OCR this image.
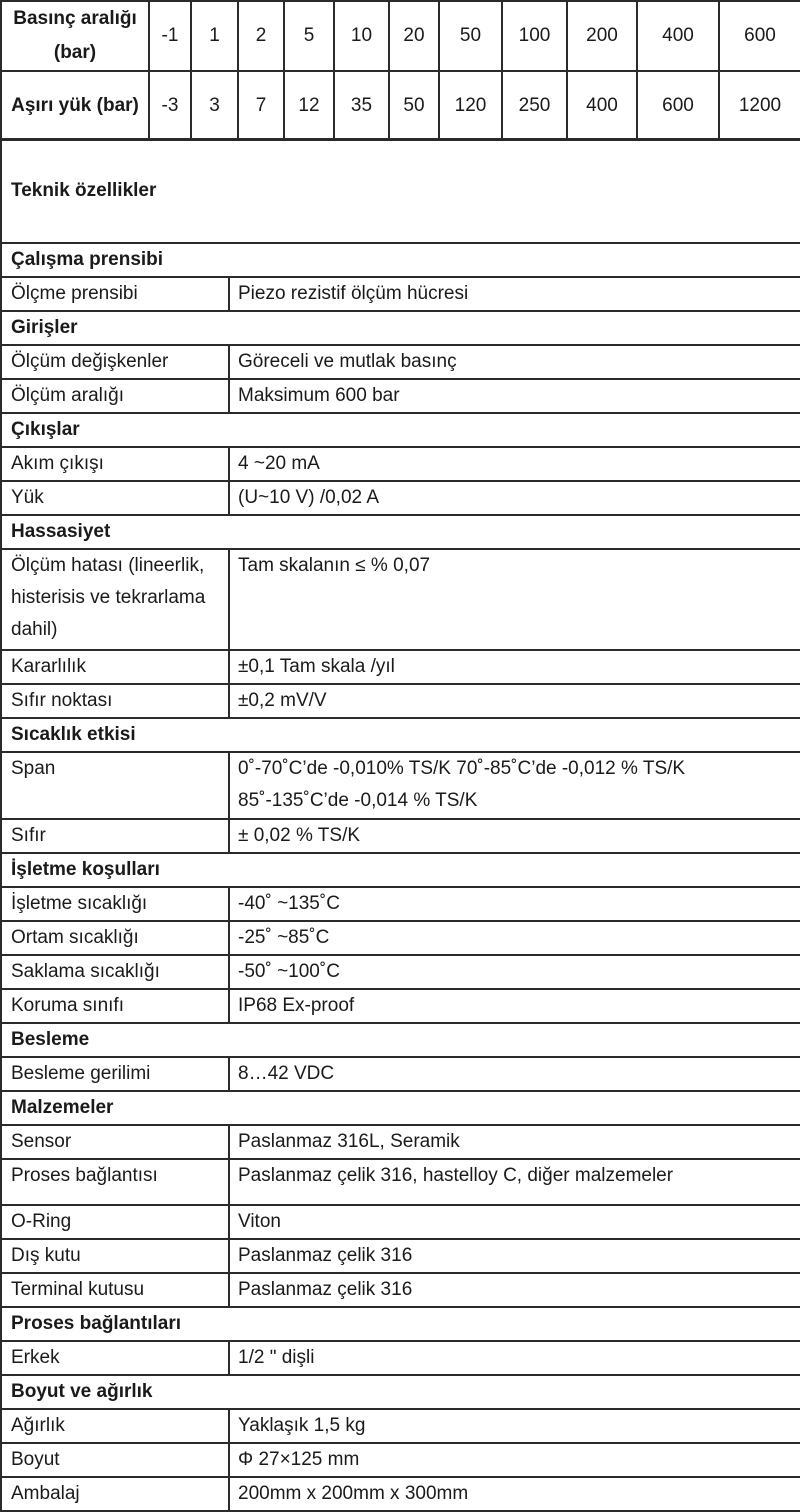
Basınç aralığı (bar)	-1	1	2	5	10	20	50	100	200	400	600
Aşırı yük (bar)	-3	3	7	12	35	50	120	250	400	600	1200
Teknik özellikler	
Çalışma prensibi	
Ölçme prensibi	Piezo rezistif ölçüm hücresi
Girişler	
Ölçüm değişkenler	Göreceli ve mutlak basınç
Ölçüm aralığı	Maksimum 600 bar
Çıkışlar	
Akım çıkışı	4 ~20 mA
Yük	(U~10 V) /0,02 A
Hassasiyet	
Ölçüm hatası (lineerlik, histerisis ve tekrarlama dahil)	Tam skalanın ≤ % 0,07
Kararlılık	±0,1 Tam skala /yıl
Sıfır noktası	±0,2 mV/V
Sıcaklık etkisi	
Span	0˚-70˚C’de -0,010% TS/K 70˚-85˚C’de -0,012 % TS/K 85˚-135˚C’de -0,014 % TS/K
Sıfır	± 0,02 % TS/K
İşletme koşulları	
İşletme sıcaklığı	-40˚ ~135˚C
Ortam sıcaklığı	-25˚ ~85˚C
Saklama sıcaklığı	-50˚ ~100˚C
Koruma sınıfı	IP68 Ex-proof
Besleme	
Besleme gerilimi	8…42 VDC
Malzemeler	
Sensor	Paslanmaz 316L, Seramik
Proses bağlantısı	Paslanmaz çelik 316, hastelloy C, diğer malzemeler
O-Ring	Viton
Dış kutu	Paslanmaz çelik 316
Terminal kutusu	Paslanmaz çelik 316
Proses bağlantıları	
Erkek	1/2 ʺ dişli
Boyut ve ağırlık	
Ağırlık	Yaklaşık 1,5 kg
Boyut	Φ 27×125 mm
Ambalaj	200mm x 200mm x 300mm
